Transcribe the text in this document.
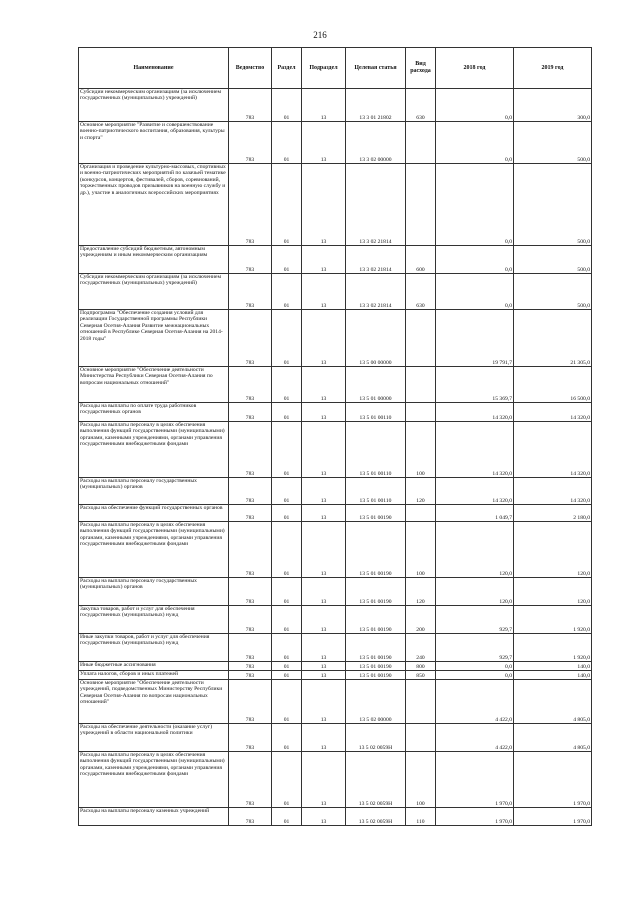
216
Наименование	Ведомство	Раздел	Подраздел	Целевая статья	Вид расхода	2018 год	2019 год
Субсидии некоммерческим организациям (за исключением государственных (муниципальных) учреждений)	783	01	13	13 3 01 21802	630	0,0	300,0
Основное мероприятие "Развитие и совершенствование военно-патриотического воспитания, образования, культуры и спорта"	783	01	13	13 3 02 00000		0,0	500,0
Организация и проведение культурно-массовых, спортивных и военно-патриотических мероприятий по казачьей тематике (конкурсов, концертов, фестивалей, сборов, соревнований, торжественных проводов призывников на военную службу и др.), участие в аналогичных всероссийских мероприятиях	783	01	13	13 3 02 21814		0,0	500,0
Предоставление субсидий бюджетным, автономным учреждениям и иным некоммерческим организациям	783	01	13	13 3 02 21814	600	0,0	500,0
Субсидии некоммерческим организациям (за исключением государственных (муниципальных) учреждений)	783	01	13	13 3 02 21814	630	0,0	500,0
Подпрограмма "Обеспечение создания условий для реализации Государственной программы Республики Северная Осетия-Алания Развитие межнациональных отношений в Республике Северная Осетия-Алания на 2014-2018 годы"	783	01	13	13 5 00 00000		19 791,7	21 305,0
Основное мероприятие "Обеспечение деятельности Министерства Республики Северная Осетия-Алания по вопросам национальных отношений"	783	01	13	13 5 01 00000		15 369,7	16 500,0
Расходы на выплаты по оплате труда работников государственных органов	783	01	13	13 5 01 00110		14 320,0	14 320,0
Расходы на выплаты персоналу в целях обеспечения выполнения функций государственными (муниципальными) органами, казенными учреждениями, органами управления государственными внебюджетными фондами	783	01	13	13 5 01 00110	100	14 320,0	14 320,0
Расходы на выплаты персоналу государственных (муниципальных) органов	783	01	13	13 5 01 00110	120	14 320,0	14 320,0
Расходы на обеспечение функций государственных органов	783	01	13	13 5 01 00190		1 049,7	2 180,0
Расходы на выплаты персоналу в целях обеспечения выполнения функций государственными (муниципальными) органами, казенными учреждениями, органами управления государственными внебюджетными фондами	783	01	13	13 5 01 00190	100	120,0	120,0
Расходы на выплаты персоналу государственных (муниципальных) органов	783	01	13	13 5 01 00190	120	120,0	120,0
Закупка товаров, работ и услуг для обеспечения государственных (муниципальных) нужд	783	01	13	13 5 01 00190	200	929,7	1 920,0
Иные закупки товаров, работ и услуг для обеспечения государственных (муниципальных) нужд	783	01	13	13 5 01 00190	240	929,7	1 920,0
Иные бюджетные ассигнования	783	01	13	13 5 01 00190	800	0,0	140,0
Уплата налогов, сборов и иных платежей	783	01	13	13 5 01 00190	850	0,0	140,0
Основное мероприятие "Обеспечение деятельности учреждений, подведомственных Министерству Республики Северная Осетия-Алания по вопросам национальных отношений"	783	01	13	13 5 02 00000		4 422,0	4 805,0
Расходы на обеспечение деятельности (оказание услуг) учреждений в области национальной политики	783	01	13	13 5 02 0059Н		4 422,0	4 805,0
Расходы на выплаты персоналу в целях обеспечения выполнения функций государственными (муниципальными) органами, казенными учреждениями, органами управления государственными внебюджетными фондами	783	01	13	13 5 02 0059Н	100	1 970,0	1 970,0
Расходы на выплаты персоналу казенных учреждений	783	01	13	13 5 02 0059Н	110	1 970,0	1 970,0
